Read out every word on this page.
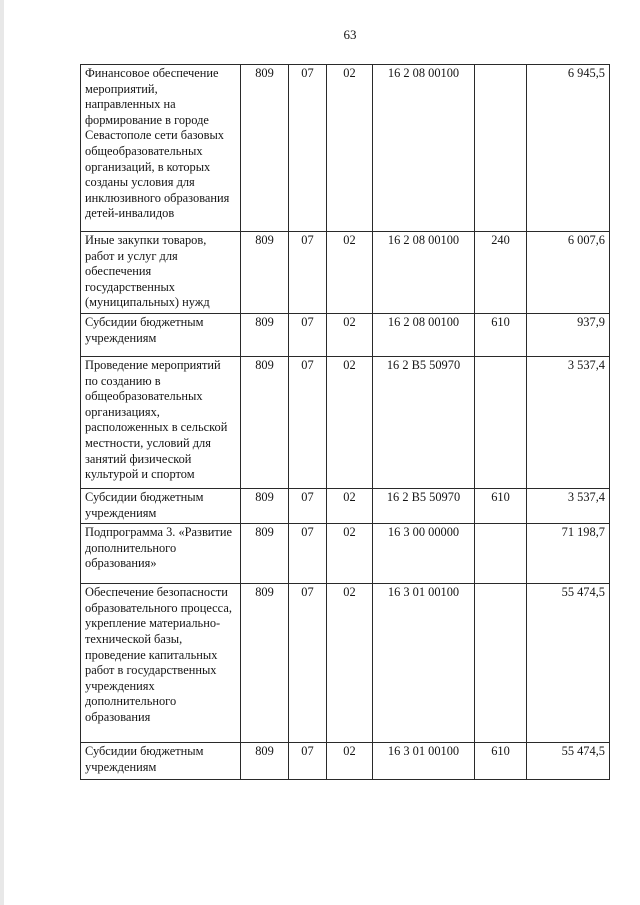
63
Финансовое обеспечение мероприятий, направленных на формирование в городе Севастополе сети базовых общеобразовательных организаций, в которых созданы условия для инклюзивного образования детей-инвалидов	809	07	02	16 2 08 00100		6 945,5
Иные закупки товаров, работ и услуг для обеспечения государственных (муниципальных) нужд	809	07	02	16 2 08 00100	240	6 007,6
Субсидии бюджетным учреждениям	809	07	02	16 2 08 00100	610	937,9
Проведение мероприятий по созданию в общеобразовательных организациях, расположенных в сельской местности, условий для занятий физической культурой и спортом	809	07	02	16 2 В5 50970		3 537,4
Субсидии бюджетным учреждениям	809	07	02	16 2 В5 50970	610	3 537,4
Подпрограмма 3. «Развитие дополнительного образования»	809	07	02	16 3 00 00000		71 198,7
Обеспечение безопасности образовательного процесса, укрепление материально-технической базы, проведение капитальных работ в государственных учреждениях дополнительного образования	809	07	02	16 3 01 00100		55 474,5
Субсидии бюджетным учреждениям	809	07	02	16 3 01 00100	610	55 474,5
